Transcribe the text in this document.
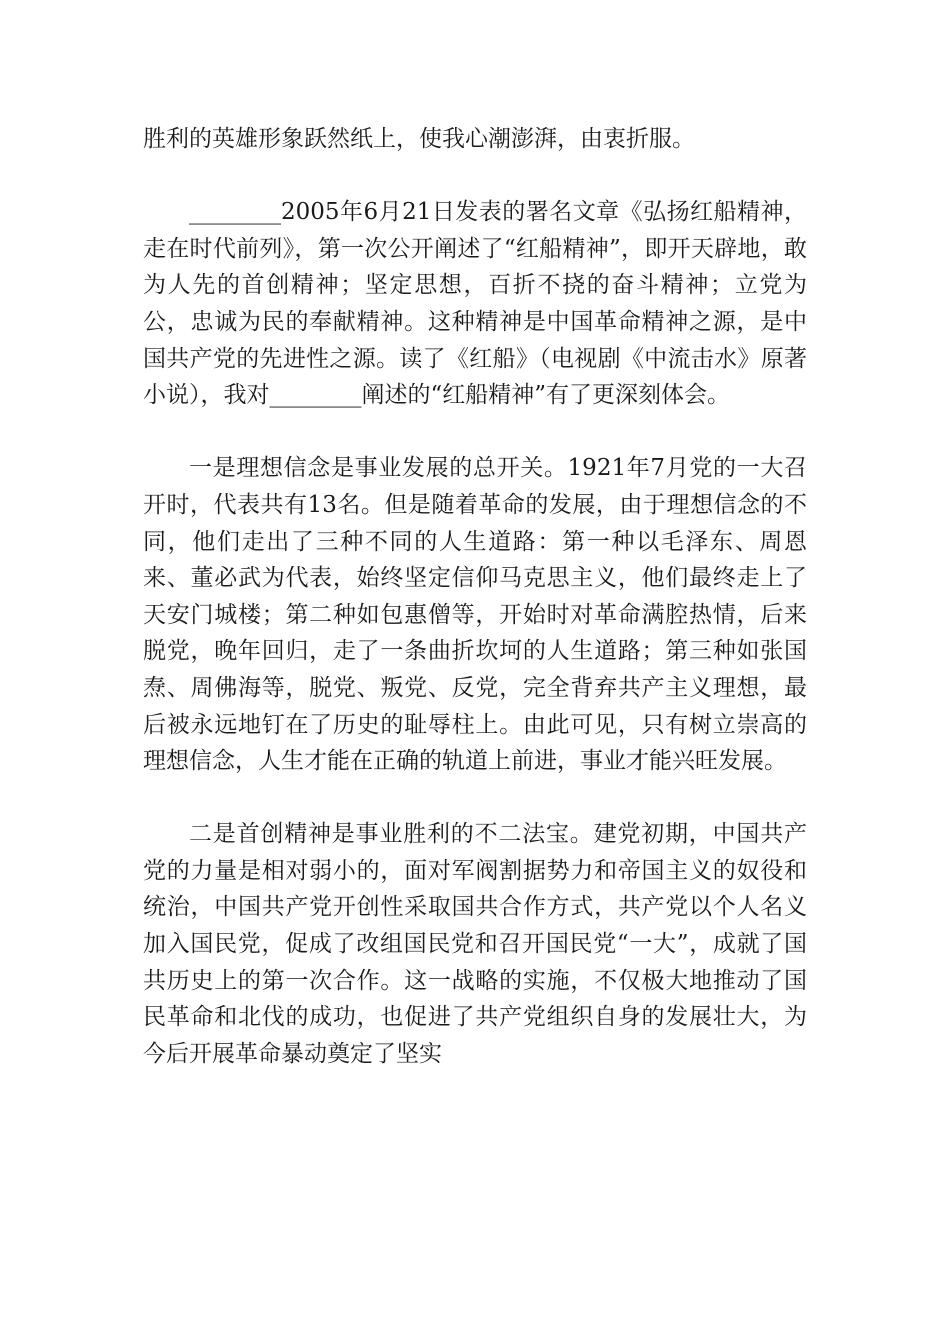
胜利的英雄形象跃然纸上，使我心潮澎湃，由衷折服。

________2005年6月21日发表的署名文章《弘扬红船精神，走在时代前列》，第一次公开阐述了“红船精神”，即开天辟地，敢为人先的首创精神；坚定思想，百折不挠的奋斗精神；立党为公，忠诚为民的奉献精神。这种精神是中国革命精神之源，是中国共产党的先进性之源。读了《红船》（电视剧《中流击水》原著小说），我对________阐述的“红船精神”有了更深刻体会。

一是理想信念是事业发展的总开关。1921年7月党的一大召开时，代表共有13名。但是随着革命的发展，由于理想信念的不同，他们走出了三种不同的人生道路：第一种以毛泽东、周恩来、董必武为代表，始终坚定信仰马克思主义，他们最终走上了天安门城楼；第二种如包惠僧等，开始时对革命满腔热情，后来脱党，晚年回归，走了一条曲折坎坷的人生道路；第三种如张国焘、周佛海等，脱党、叛党、反党，完全背弃共产主义理想，最后被永远地钉在了历史的耻辱柱上。由此可见，只有树立崇高的理想信念，人生才能在正确的轨道上前进，事业才能兴旺发展。

二是首创精神是事业胜利的不二法宝。建党初期，中国共产党的力量是相对弱小的，面对军阀割据势力和帝国主义的奴役和统治，中国共产党开创性采取国共合作方式，共产党以个人名义加入国民党，促成了改组国民党和召开国民党“一大”，成就了国共历史上的第一次合作。这一战略的实施，不仅极大地推动了国民革命和北伐的成功，也促进了共产党组织自身的发展壮大，为今后开展革命暴动奠定了坚实
